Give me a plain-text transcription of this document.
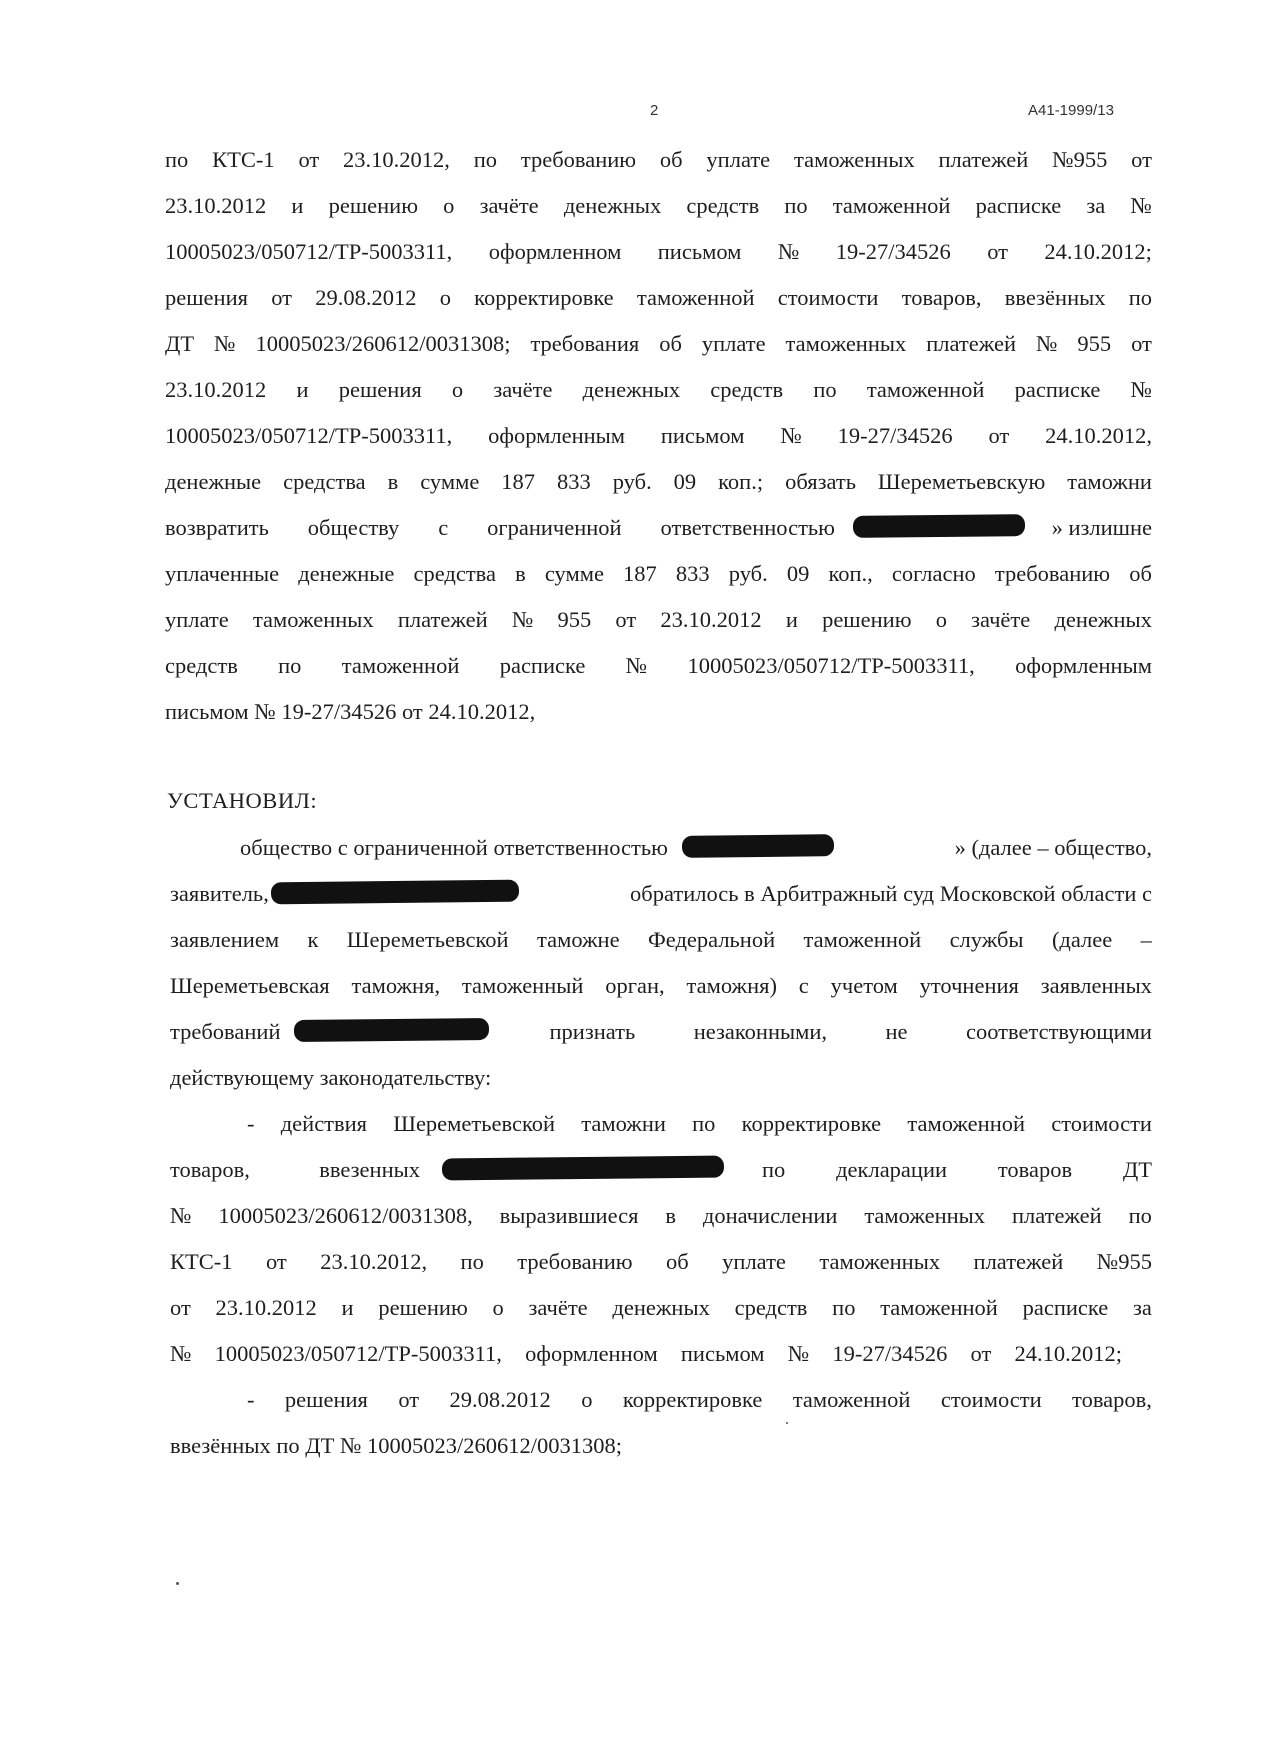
2	А41-1999/13
по КТС-1 от 23.10.2012, по требованию об уплате таможенных платежей №955 от
23.10.2012 и решению о зачёте денежных средств по таможенной расписке за №
10005023/050712/ТР-5003311, оформленном письмом № 19-27/34526 от 24.10.2012;
решения от 29.08.2012 о корректировке таможенной стоимости товаров, ввезённых по
ДТ № 10005023/260612/0031308; требования об уплате таможенных платежей № 955 от
23.10.2012 и решения о зачёте денежных средств по таможенной расписке №
10005023/050712/ТР-5003311, оформленным письмом № 19-27/34526 от 24.10.2012,
денежные средства в сумме 187 833 руб. 09 коп.; обязать Шереметьевскую таможни
возвратить обществу с ограниченной ответственностью	» излишне
уплаченные денежные средства в сумме 187 833 руб. 09 коп., согласно требованию об
уплате таможенных платежей № 955 от 23.10.2012 и решению о зачёте денежных
средств по таможенной расписке № 10005023/050712/ТР-5003311, оформленным
письмом № 19-27/34526 от 24.10.2012,
УСТАНОВИЛ:
общество с ограниченной ответственностью	» (далее – общество,
заявитель,	обратилось в Арбитражный суд Московской области с
заявлением к Шереметьевской таможне Федеральной таможенной службы (далее –
Шереметьевская таможня, таможенный орган, таможня) с учетом уточнения заявленных
требований	признать	незаконными,	не	соответствующими
действующему законодательству:
- действия Шереметьевской таможни по корректировке таможенной стоимости
товаров,	ввезенных	по декларации товаров ДТ
№ 10005023/260612/0031308, выразившиеся в доначислении таможенных платежей по
КТС-1 от 23.10.2012, по требованию об уплате таможенных платежей №955
от 23.10.2012 и решению о зачёте денежных средств по таможенной расписке за
№ 10005023/050712/ТР-5003311, оформленном письмом № 19-27/34526 от 24.10.2012;
- решения от 29.08.2012 о корректировке таможенной стоимости товаров,
ввезённых по ДТ № 10005023/260612/0031308;
